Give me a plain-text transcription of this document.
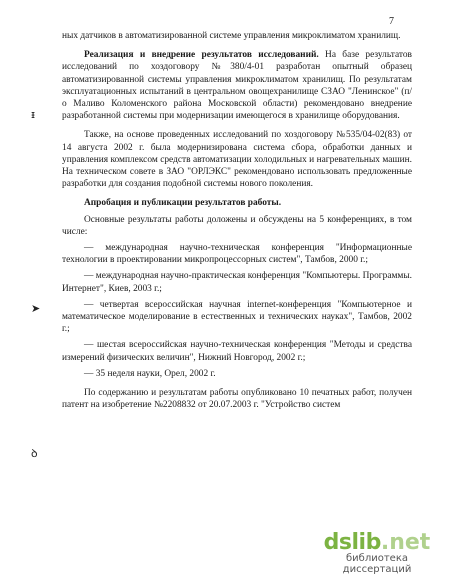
7
ᵻ
➤
ꝺ

ных датчиков в автоматизированной системе управления микроклиматом хранилищ.

Реализация и внедрение результатов исследований. На базе результатов исследований по хоздоговору №380/4-01 разработан опытный образец автоматизированной системы управления микроклиматом хранилищ. По результатам эксплуатационных испытаний в центральном овощехранилище СЗАО "Ленинское" (п/о Маливо Коломенского района Московской области) рекомендовано внедрение разработанной системы при модернизации имеющегося в хранилище оборудования.

Также, на основе проведенных исследований по хоздоговору №535/04-02(83) от 14 августа 2002 г. была модернизирована система сбора, обработки данных и управления комплексом средств автоматизации холодильных и нагревательных машин. На техническом совете в ЗАО "ОРЛЭКС" рекомендовано использовать предложенные разработки для создания подобной системы нового поколения.

Апробация и публикации результатов работы.

Основные результаты работы доложены и обсуждены на 5 конференциях, в том числе:

— международная научно-техническая конференция "Информационные технологии в проектировании микропроцессорных систем", Тамбов, 2000 г.;

— международная научно-практическая конференция "Компьютеры. Программы. Интернет", Киев, 2003 г.;

— четвертая всероссийская научная internet-конференция "Компьютерное и математическое моделирование в естественных и технических науках", Тамбов, 2002 г.;

— шестая всероссийская научно-техническая конференция "Методы и средства измерений физических величин", Нижний Новгород, 2002 г.;

— 35 неделя науки, Орел, 2002 г.

По содержанию и результатам работы опубликовано 10 печатных работ, получен патент на изобретение №2208832 от 20.07.2003 г. "Устройство систем

dslib .net
библиотека диссертаций
